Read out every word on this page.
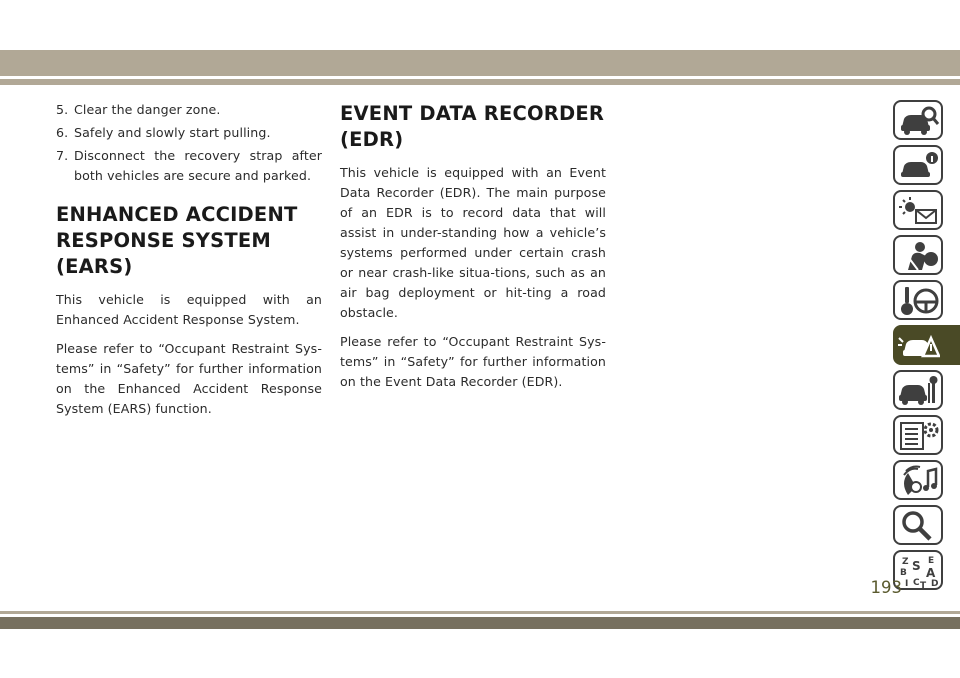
5. Clear the danger zone.
6. Safely and slowly start pulling.
7. Disconnect the recovery strap after both vehicles are secure and parked.
ENHANCED ACCIDENT RESPONSE SYSTEM (EARS)

This vehicle is equipped with an Enhanced Accident Response System.

Please refer to “Occupant Restraint Sys-tems” in “Safety” for further information on the Enhanced Accident Response System (EARS) function.

EVENT DATA RECORDER (EDR)

This vehicle is equipped with an Event Data Recorder (EDR). The main purpose of an EDR is to record data that will assist in under-standing how a vehicle’s systems performed under certain crash or near crash-like situa-tions, such as an air bag deployment or hit-ting a road obstacle.

Please refer to “Occupant Restraint Sys-tems” in “Safety” for further information on the Event Data Recorder (EDR).

Z E
B S A
I C T D
193
